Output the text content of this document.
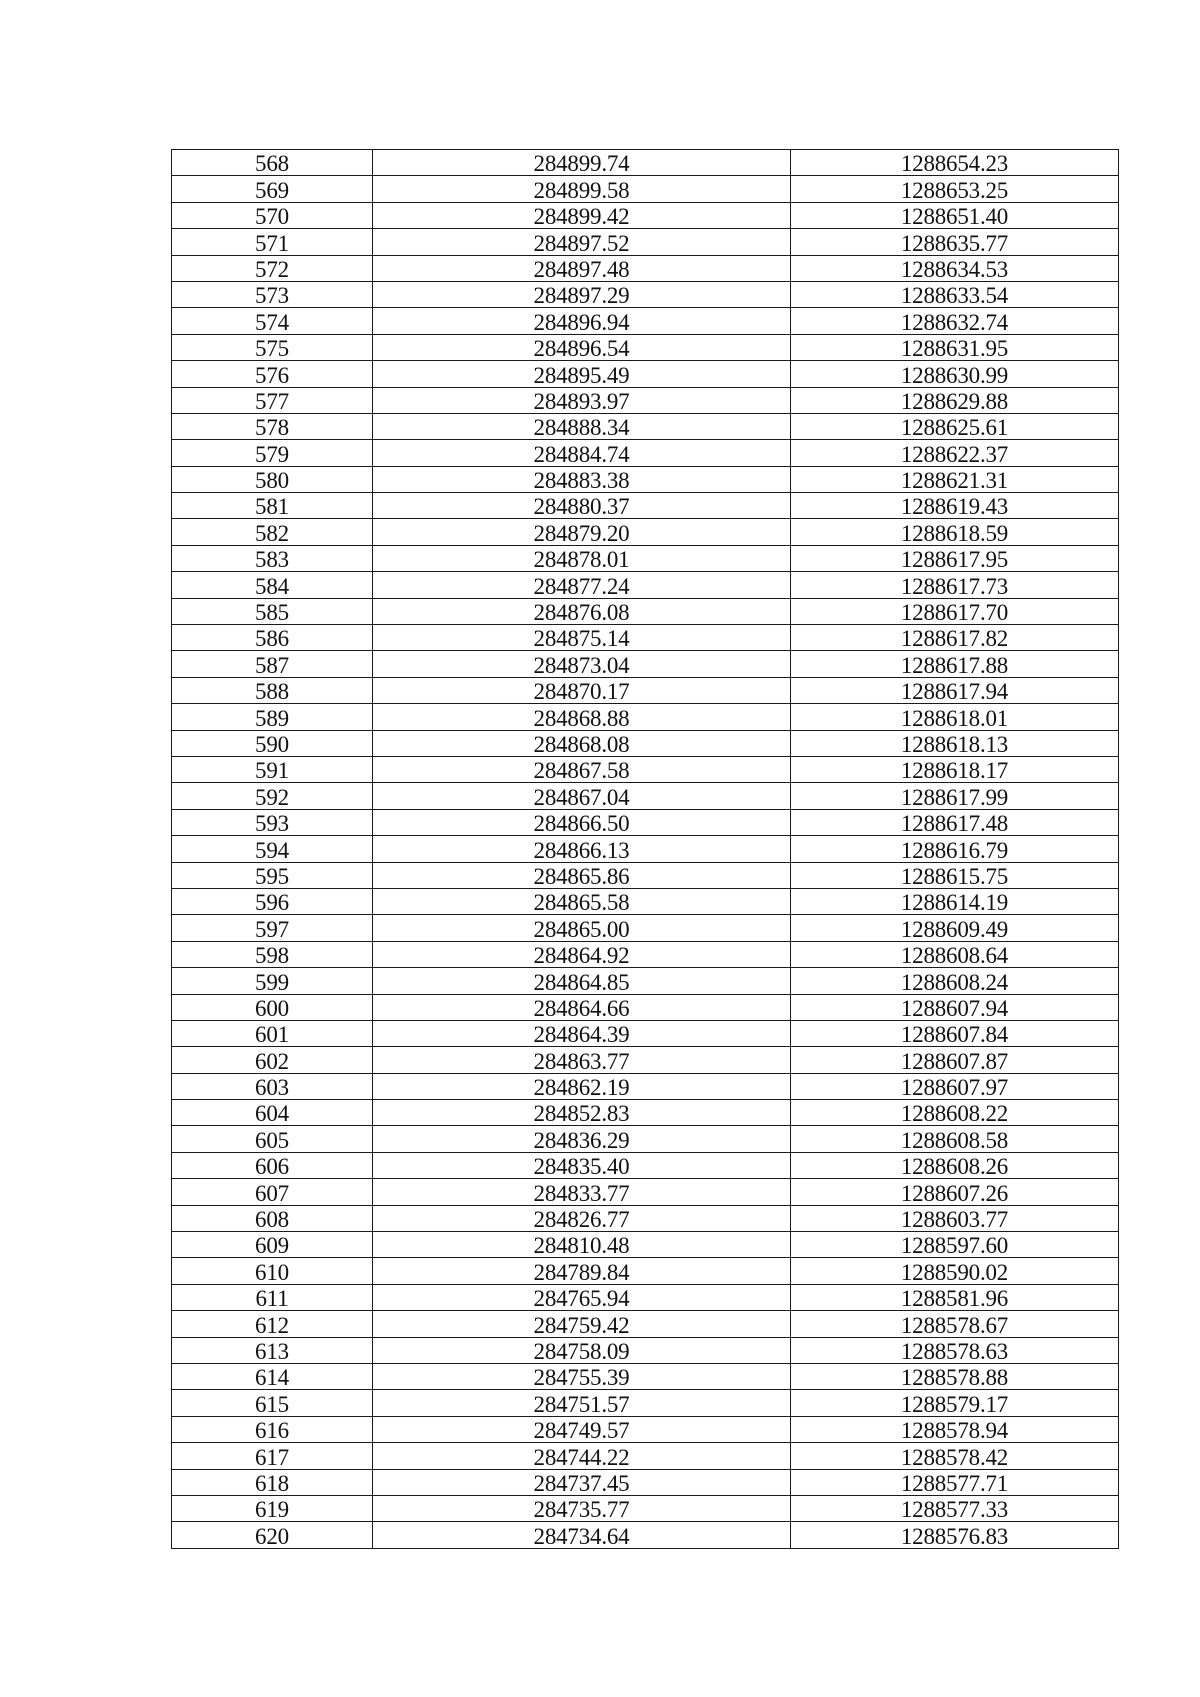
568	284899.74	1288654.23
569	284899.58	1288653.25
570	284899.42	1288651.40
571	284897.52	1288635.77
572	284897.48	1288634.53
573	284897.29	1288633.54
574	284896.94	1288632.74
575	284896.54	1288631.95
576	284895.49	1288630.99
577	284893.97	1288629.88
578	284888.34	1288625.61
579	284884.74	1288622.37
580	284883.38	1288621.31
581	284880.37	1288619.43
582	284879.20	1288618.59
583	284878.01	1288617.95
584	284877.24	1288617.73
585	284876.08	1288617.70
586	284875.14	1288617.82
587	284873.04	1288617.88
588	284870.17	1288617.94
589	284868.88	1288618.01
590	284868.08	1288618.13
591	284867.58	1288618.17
592	284867.04	1288617.99
593	284866.50	1288617.48
594	284866.13	1288616.79
595	284865.86	1288615.75
596	284865.58	1288614.19
597	284865.00	1288609.49
598	284864.92	1288608.64
599	284864.85	1288608.24
600	284864.66	1288607.94
601	284864.39	1288607.84
602	284863.77	1288607.87
603	284862.19	1288607.97
604	284852.83	1288608.22
605	284836.29	1288608.58
606	284835.40	1288608.26
607	284833.77	1288607.26
608	284826.77	1288603.77
609	284810.48	1288597.60
610	284789.84	1288590.02
611	284765.94	1288581.96
612	284759.42	1288578.67
613	284758.09	1288578.63
614	284755.39	1288578.88
615	284751.57	1288579.17
616	284749.57	1288578.94
617	284744.22	1288578.42
618	284737.45	1288577.71
619	284735.77	1288577.33
620	284734.64	1288576.83
